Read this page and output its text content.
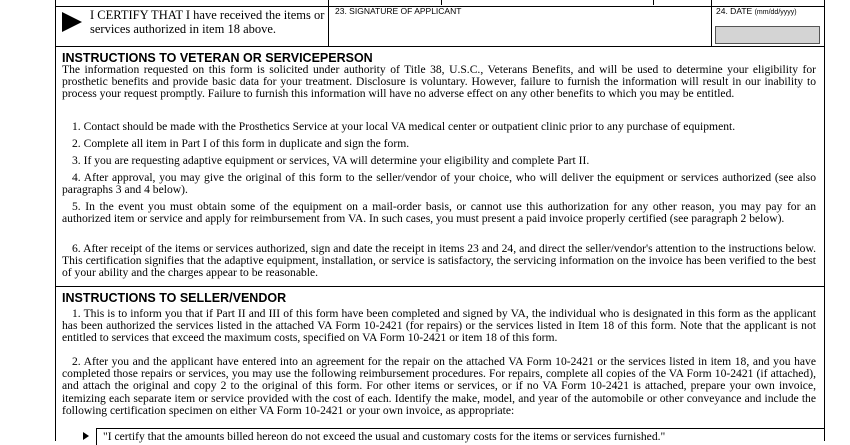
I CERTIFY THAT I have received the items or services authorized in item 18 above.
23. SIGNATURE OF APPLICANT	24. DATE (mm/dd/yyyy)
INSTRUCTIONS TO VETERAN OR SERVICEPERSON

The information requested on this form is solicited under authority of Title 38, U.S.C., Veterans Benefits, and will be used to determine your eligibility for prosthetic benefits and provide basic data for your treatment. Disclosure is voluntary. However, failure to furnish the information will result in our inability to process your request promptly. Failure to furnish this information will have no adverse effect on any other benefits to which you may be entitled.

1. Contact should be made with the Prosthetics Service at your local VA medical center or outpatient clinic prior to any purchase of equipment.

2. Complete all item in Part I of this form in duplicate and sign the form.

3. If you are requesting adaptive equipment or services, VA will determine your eligibility and complete Part II.

4. After approval, you may give the original of this form to the seller/vendor of your choice, who will deliver the equipment or services authorized (see also paragraphs 3 and 4 below).

5. In the event you must obtain some of the equipment on a mail-order basis, or cannot use this authorization for any other reason, you may pay for an authorized item or service and apply for reimbursement from VA. In such cases, you must present a paid invoice properly certified (see paragraph 2 below).

6. After receipt of the items or services authorized, sign and date the receipt in items 23 and 24, and direct the seller/vendor's attention to the instructions below. This certification signifies that the adaptive equipment, installation, or service is satisfactory, the servicing information on the invoice has been verified to the best of your ability and the charges appear to be reasonable.

INSTRUCTIONS TO SELLER/VENDOR

1. This is to inform you that if Part II and III of this form have been completed and signed by VA, the individual who is designated in this form as the applicant has been authorized the services listed in the attached VA Form 10-2421 (for repairs) or the services listed in Item 18 of this form. Note that the applicant is not entitled to services that exceed the maximum costs, specified on VA Form 10-2421 or item 18 of this form.

2. After you and the applicant have entered into an agreement for the repair on the attached VA Form 10-2421 or the services listed in item 18, and you have completed those repairs or services, you may use the following reimbursement procedures. For repairs, complete all copies of the VA Form 10-2421 (if attached), and attach the original and copy 2 to the original of this form. For other items or services, or if no VA Form 10-2421 is attached, prepare your own invoice, itemizing each separate item or service provided with the cost of each. Identify the make, model, and year of the automobile or other conveyance and include the following certification specimen on either VA Form 10-2421 or your own invoice, as appropriate:

"I certify that the amounts billed hereon do not exceed the usual and customary costs for the items or services furnished."
